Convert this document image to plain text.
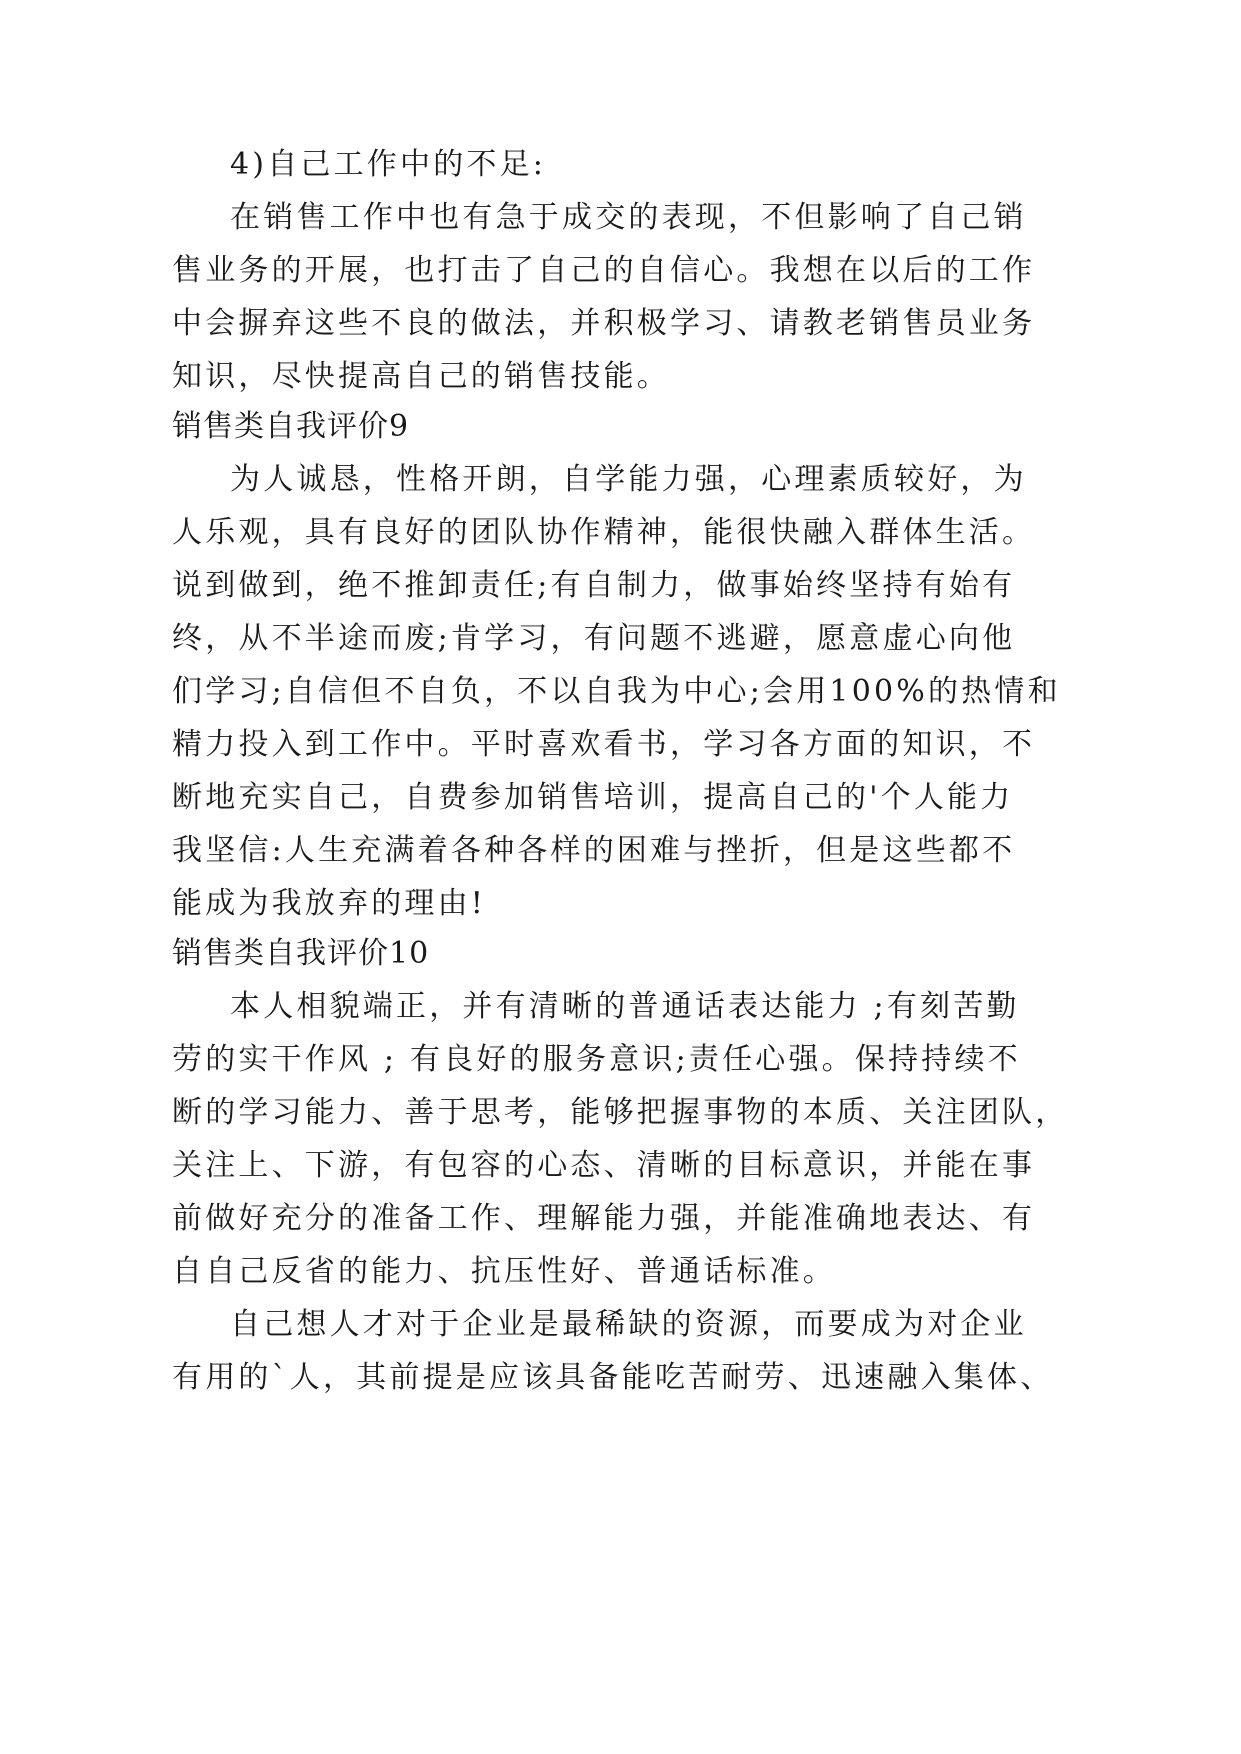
4)自己工作中的不足:
在销售工作中也有急于成交的表现，不但影响了自己销
售业务的开展，也打击了自己的自信心。我想在以后的工作
中会摒弃这些不良的做法，并积极学习、请教老销售员业务
知识，尽快提高自己的销售技能。
销售类自我评价9
为人诚恳，性格开朗，自学能力强，心理素质较好，为
人乐观，具有良好的团队协作精神，能很快融入群体生活。
说到做到，绝不推卸责任;有自制力，做事始终坚持有始有
终，从不半途而废;肯学习，有问题不逃避，愿意虚心向他
们学习;自信但不自负，不以自我为中心;会用100%的热情和
精力投入到工作中。平时喜欢看书，学习各方面的知识，不
断地充实自己，自费参加销售培训，提高自己的'个人能力
我坚信:人生充满着各种各样的困难与挫折，但是这些都不
能成为我放弃的理由!
销售类自我评价10
本人相貌端正，并有清晰的普通话表达能力 ;有刻苦勤
劳的实干作风 ; 有良好的服务意识;责任心强。保持持续不
断的学习能力、善于思考，能够把握事物的本质、关注团队，
关注上、下游，有包容的心态、清晰的目标意识，并能在事
前做好充分的准备工作、理解能力强，并能准确地表达、有
自自己反省的能力、抗压性好、普通话标准。
自己想人才对于企业是最稀缺的资源，而要成为对企业
有用的`人，其前提是应该具备能吃苦耐劳、迅速融入集体、
